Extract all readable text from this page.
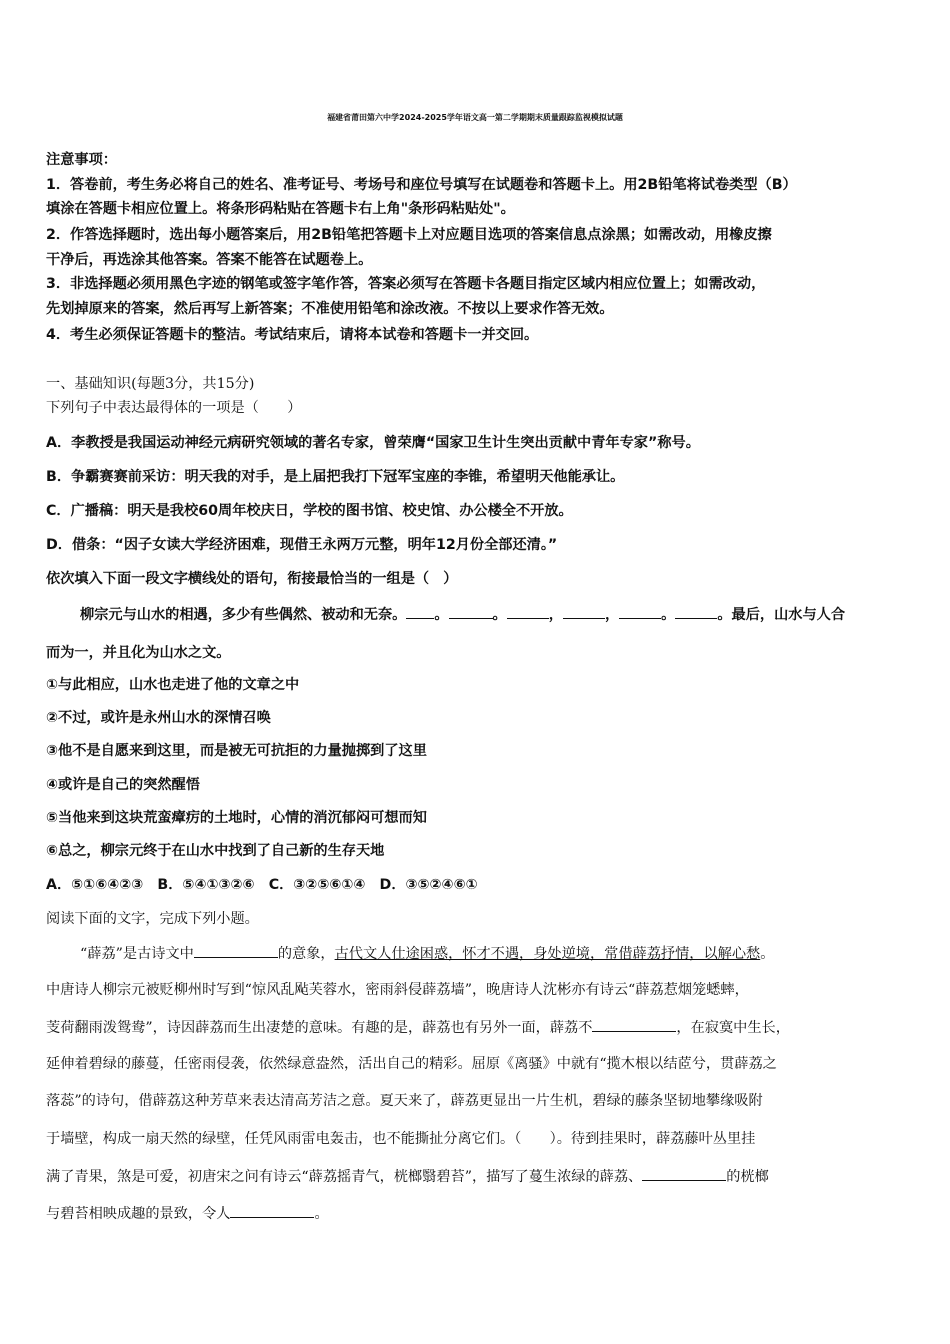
福建省莆田第六中学2024-2025学年语文高一第二学期期末质量跟踪监视模拟试题
注意事项：
1．答卷前，考生务必将自己的姓名、准考证号、考场号和座位号填写在试题卷和答题卡上。用2B铅笔将试卷类型（B）
填涂在答题卡相应位置上。将条形码粘贴在答题卡右上角"条形码粘贴处"。
2．作答选择题时，选出每小题答案后，用2B铅笔把答题卡上对应题目选项的答案信息点涂黑；如需改动，用橡皮擦
干净后，再选涂其他答案。答案不能答在试题卷上。
3．非选择题必须用黑色字迹的钢笔或签字笔作答，答案必须写在答题卡各题目指定区域内相应位置上；如需改动，
先划掉原来的答案，然后再写上新答案；不准使用铅笔和涂改液。不按以上要求作答无效。
4．考生必须保证答题卡的整洁。考试结束后，请将本试卷和答题卡一并交回。
一、基础知识(每题3分，共15分)
下列句子中表达最得体的一项是（　　）
A．李教授是我国运动神经元病研究领域的著名专家，曾荣膺“国家卫生计生突出贡献中青年专家”称号。
B．争霸赛赛前采访：明天我的对手，是上届把我打下冠军宝座的李锥，希望明天他能承让。
C．广播稿：明天是我校60周年校庆日，学校的图书馆、校史馆、办公楼全不开放。
D．借条：“因子女读大学经济困难，现借王永两万元整，明年12月份全部还清。”
依次填入下面一段文字横线处的语句，衔接最恰当的一组是（　）
柳宗元与山水的相遇，多少有些偶然、被动和无奈。 。	。	，	，	。	。最后，山水与人合
而为一，并且化为山水之文。
①与此相应，山水也走进了他的文章之中
②不过，或许是永州山水的深情召唤
③他不是自愿来到这里，而是被无可抗拒的力量抛掷到了这里
④或许是自己的突然醒悟
⑤当他来到这块荒蛮瘴疠的土地时，心情的消沉郁闷可想而知
⑥总之，柳宗元终于在山水中找到了自己新的生存天地
A．⑤①⑥④②③　B．⑤④①③②⑥　C．③②⑤⑥①④　D．③⑤②④⑥①
阅读下面的文字，完成下列小题。
“薜荔”是古诗文中	的意象，古代文人仕途困惑，怀才不遇，身处逆境，常借薜荔抒情，以解心愁。
中唐诗人柳宗元被贬柳州时写到“惊风乱飐芙蓉水，密雨斜侵薜荔墙”，晚唐诗人沈彬亦有诗云“薜荔惹烟笼蟋蟀，
芰荷翻雨泼鸳鸯”，诗因薜荔而生出凄楚的意味。有趣的是，薜荔也有另外一面，薜荔不	，在寂寞中生长，
延伸着碧绿的藤蔓，任密雨侵袭，依然绿意盎然，活出自己的精彩。屈原《离骚》中就有“揽木根以结茝兮，贯薜荔之
落蕊”的诗句，借薜荔这种芳草来表达清高芳洁之意。夏天来了，薜荔更显出一片生机，碧绿的藤条坚韧地攀缘吸附
于墙壁，构成一扇天然的绿壁，任凭风雨雷电轰击，也不能撕扯分离它们。（　　）。待到挂果时，薜荔藤叶丛里挂
满了青果，煞是可爱，初唐宋之问有诗云“薜荔摇青气，桄榔翳碧苔”，描写了蔓生浓绿的薜荔、	的桄榔
与碧苔相映成趣的景致，令人	。
